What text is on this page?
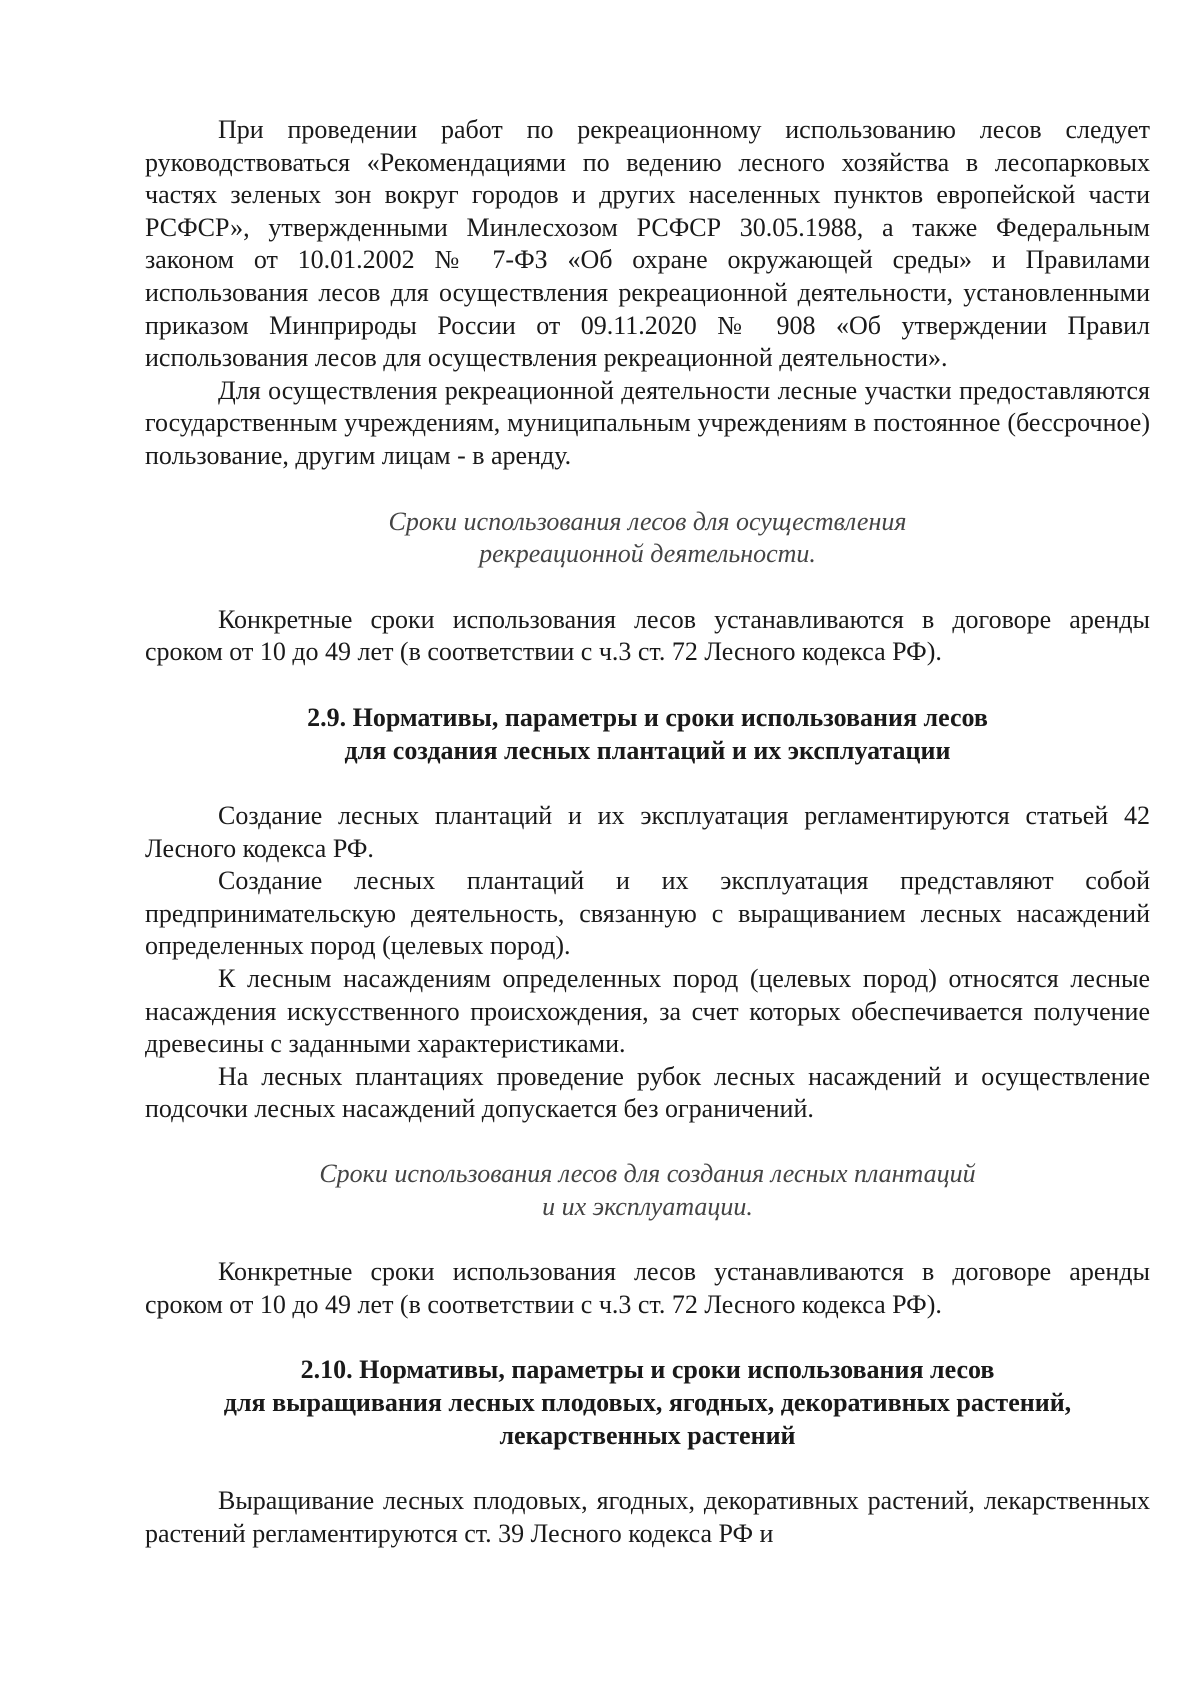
При проведении работ по рекреационному использованию лесов следует руководствоваться «Рекомендациями по ведению лесного хозяйства в лесопарковых частях зеленых зон вокруг городов и других населенных пунктов европейской части РСФСР», утвержденными Минлесхозом РСФСР 30.05.1988, а также Федеральным законом от 10.01.2002 № 7-ФЗ «Об охране окружающей среды» и Правилами использования лесов для осуществления рекреационной деятельности, установленными приказом Минприроды России от 09.11.2020 № 908 «Об утверждении Правил использования лесов для осуществления рекреационной деятельности».

Для осуществления рекреационной деятельности лесные участки предоставляются государственным учреждениям, муниципальным учреждениям в постоянное (бессрочное) пользование, другим лицам - в аренду.

Сроки использования лесов для осуществления
рекреационной деятельности.

Конкретные сроки использования лесов устанавливаются в договоре аренды сроком от 10 до 49 лет (в соответствии с ч.3 ст. 72 Лесного кодекса РФ).

2.9. Нормативы, параметры и сроки использования лесов
для создания лесных плантаций и их эксплуатации

Создание лесных плантаций и их эксплуатация регламентируются статьей 42 Лесного кодекса РФ.

Создание лесных плантаций и их эксплуатация представляют собой предпринимательскую деятельность, связанную с выращиванием лесных насаждений определенных пород (целевых пород).

К лесным насаждениям определенных пород (целевых пород) относятся лесные насаждения искусственного происхождения, за счет которых обеспечивается получение древесины с заданными характеристиками.

На лесных плантациях проведение рубок лесных насаждений и осуществление подсочки лесных насаждений допускается без ограничений.

Сроки использования лесов для создания лесных плантаций
и их эксплуатации.

Конкретные сроки использования лесов устанавливаются в договоре аренды сроком от 10 до 49 лет (в соответствии с ч.3 ст. 72 Лесного кодекса РФ).

2.10. Нормативы, параметры и сроки использования лесов
для выращивания лесных плодовых, ягодных, декоративных растений,
лекарственных растений

Выращивание лесных плодовых, ягодных, декоративных растений, лекарственных растений регламентируются ст. 39 Лесного кодекса РФ и
